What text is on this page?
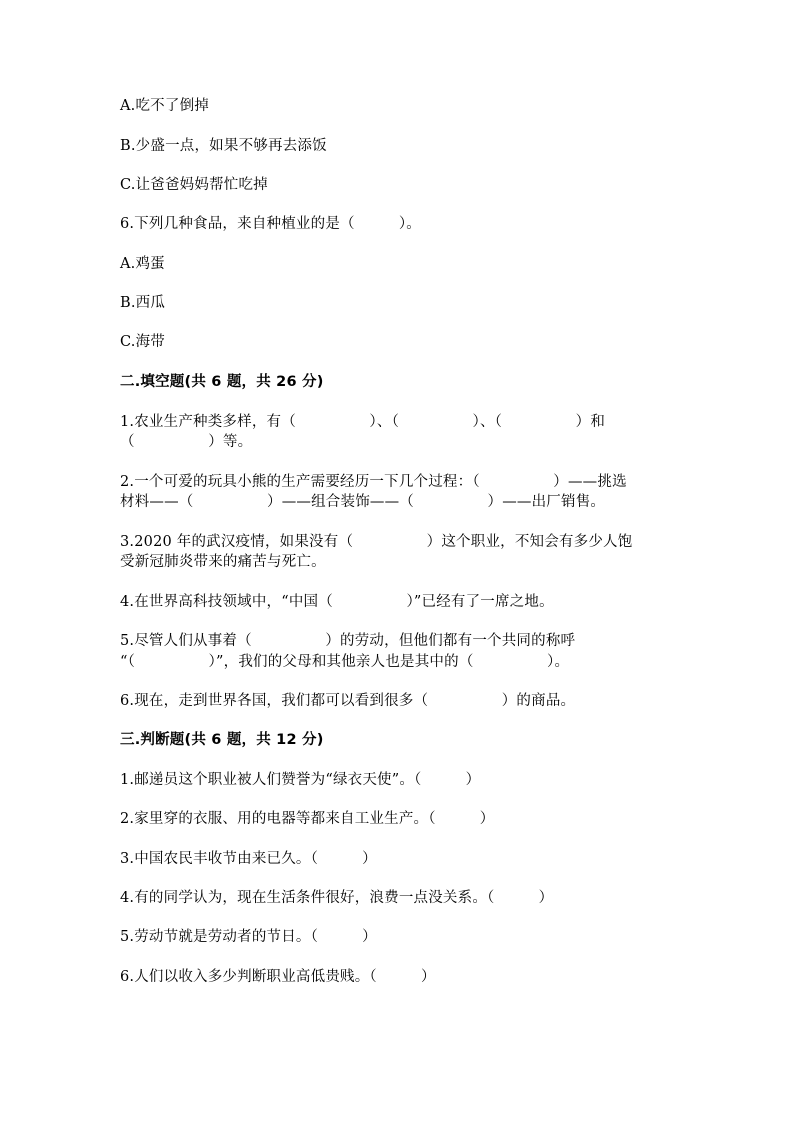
A.吃不了倒掉
B.少盛一点，如果不够再去添饭
C.让爸爸妈妈帮忙吃掉
6.下列几种食品，来自种植业的是（　　　）。
A.鸡蛋
B.西瓜
C.海带
二.填空题(共 6 题，共 26 分)
1.农业生产种类多样，有（　　　　　）、（　　　　　）、（　　　　　）和
（　　　　　）等。
2.一个可爱的玩具小熊的生产需要经历一下几个过程：（　　　　　）——挑选
材料——（　　　　　）——组合装饰——（　　　　　）——出厂销售。
3.2020 年的武汉疫情，如果没有（　　　　　）这个职业，不知会有多少人饱
受新冠肺炎带来的痛苦与死亡。
4.在世界高科技领域中，“中国（　　　　　）”已经有了一席之地。
5.尽管人们从事着（　　　　　）的劳动，但他们都有一个共同的称呼
“（　　　　　）”，我们的父母和其他亲人也是其中的（　　　　　）。
6.现在，走到世界各国，我们都可以看到很多（　　　　　）的商品。
三.判断题(共 6 题，共 12 分)
1.邮递员这个职业被人们赞誉为“绿衣天使”。（　　　）
2.家里穿的衣服、用的电器等都来自工业生产。（　　　）
3.中国农民丰收节由来已久。（　　　）
4.有的同学认为，现在生活条件很好，浪费一点没关系。（　　　）
5.劳动节就是劳动者的节日。（　　　）
6.人们以收入多少判断职业高低贵贱。（　　　）
